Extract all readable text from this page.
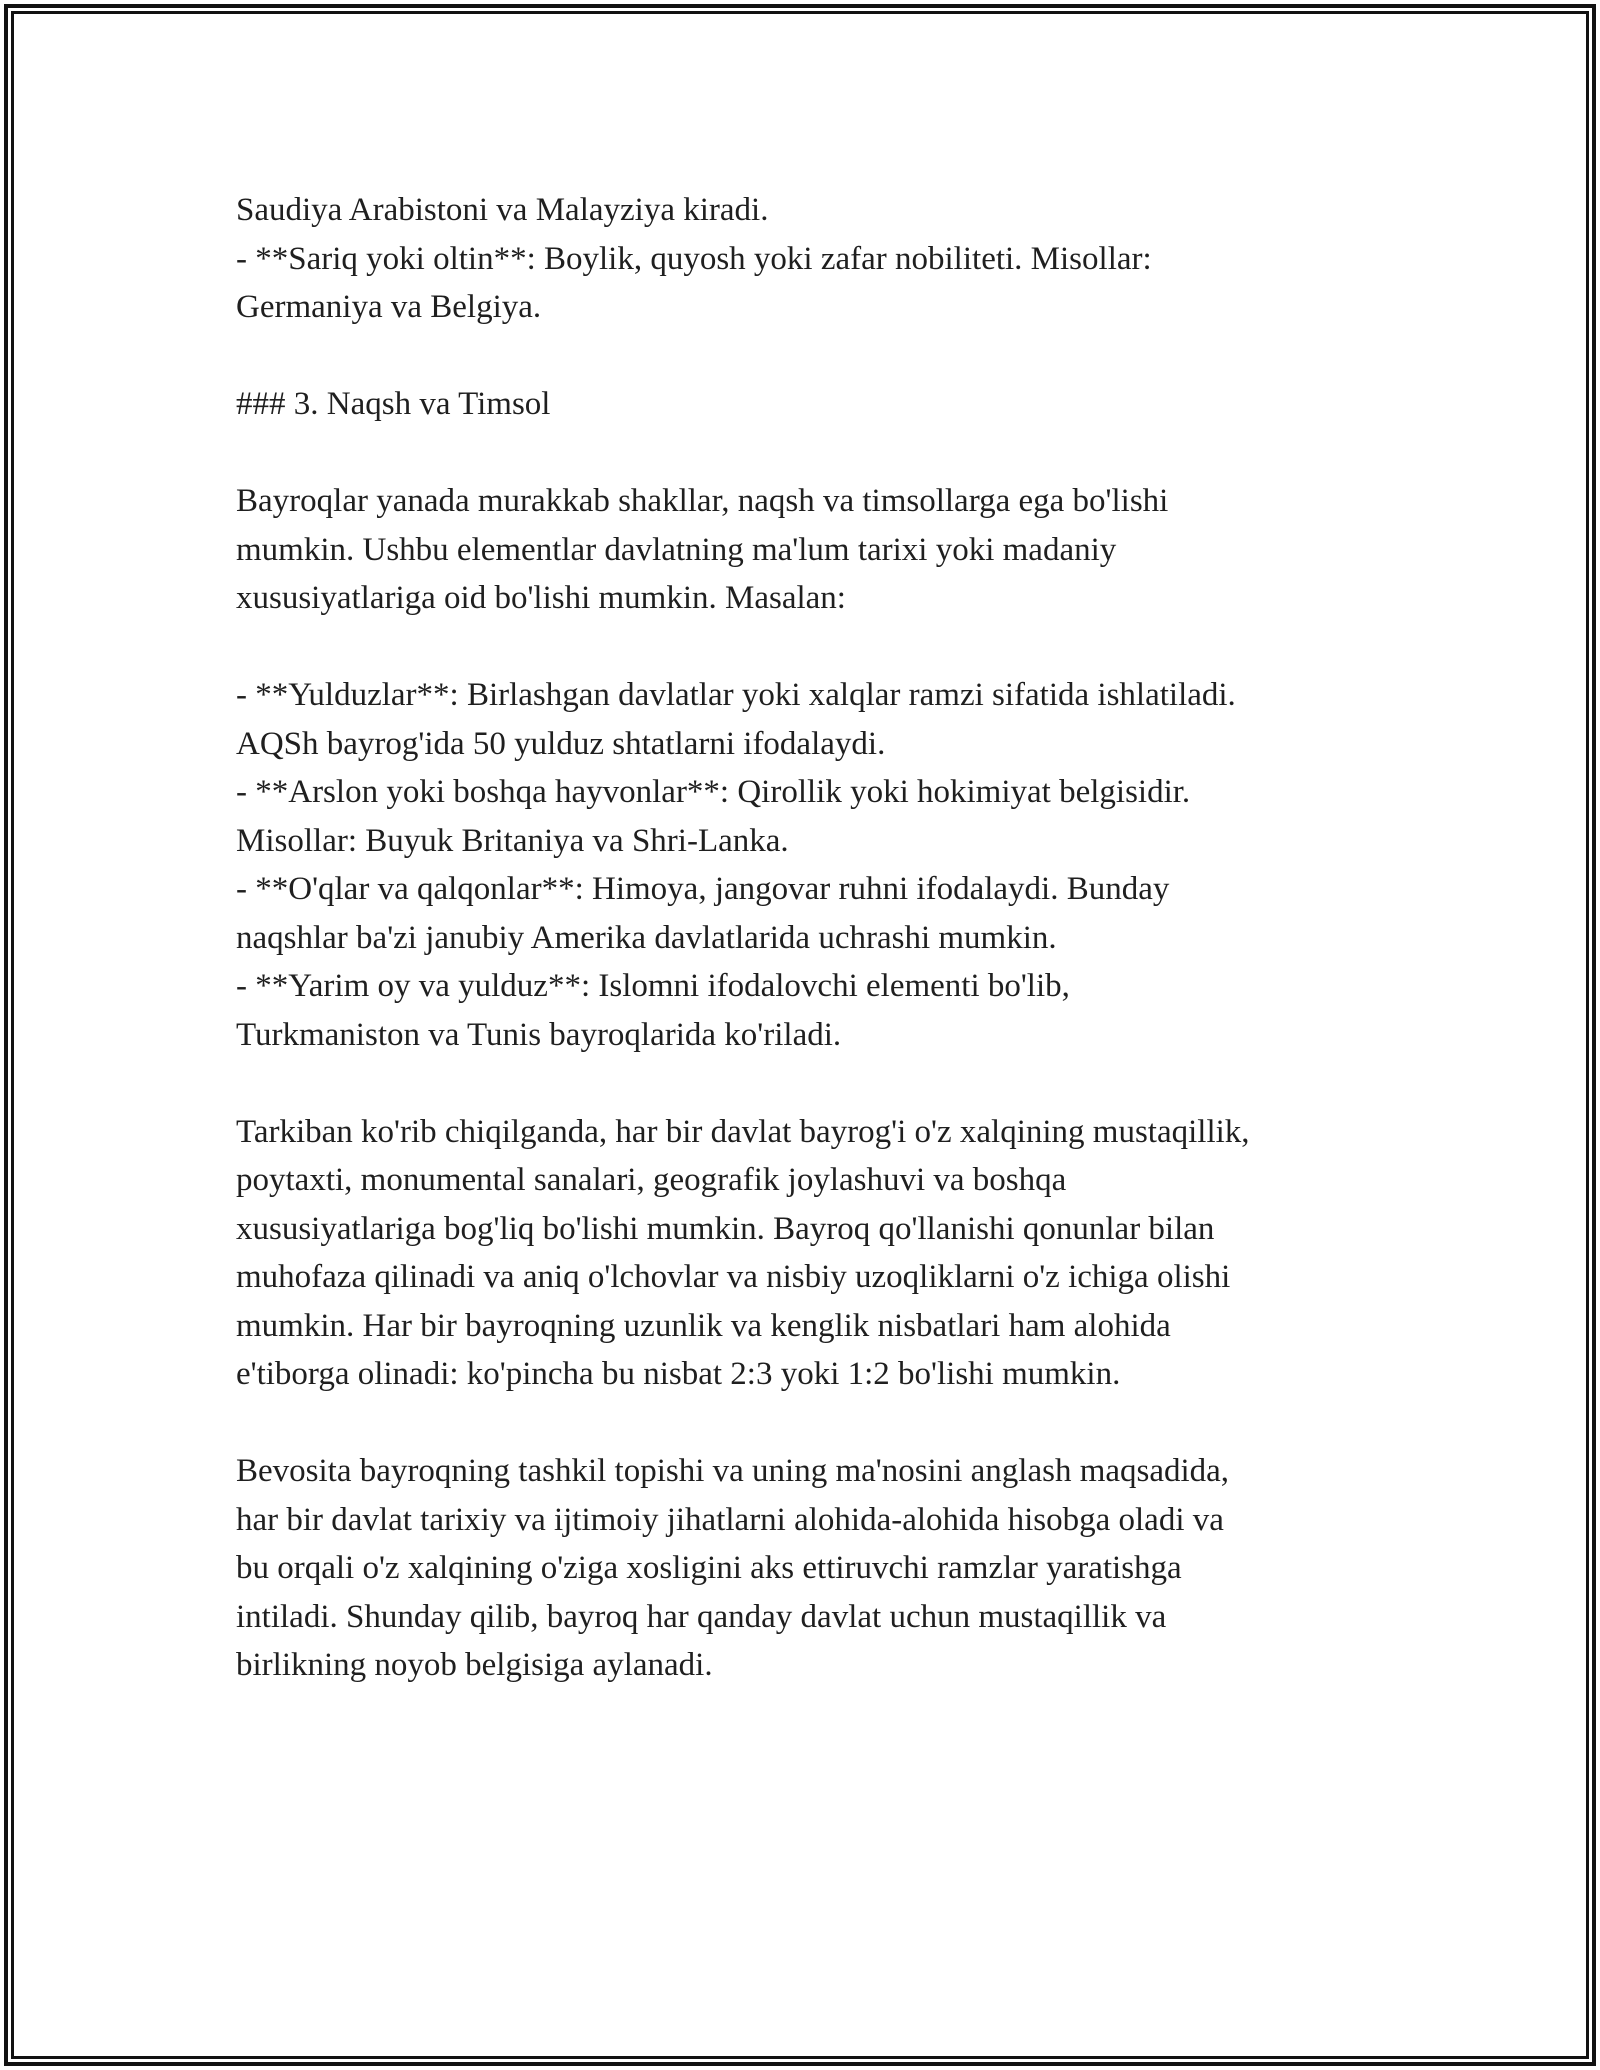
Saudiya Arabistoni va Malayziya kiradi.

- **Sariq yoki oltin**: Boylik, quyosh yoki zafar nobiliteti. Misollar:

Germaniya va Belgiya.

### 3. Naqsh va Timsol

Bayroqlar yanada murakkab shakllar, naqsh va timsollarga ega bo'lishi

mumkin. Ushbu elementlar davlatning ma'lum tarixi yoki madaniy

xususiyatlariga oid bo'lishi mumkin. Masalan:

- **Yulduzlar**: Birlashgan davlatlar yoki xalqlar ramzi sifatida ishlatiladi.

AQSh bayrog'ida 50 yulduz shtatlarni ifodalaydi.

- **Arslon yoki boshqa hayvonlar**: Qirollik yoki hokimiyat belgisidir.

Misollar: Buyuk Britaniya va Shri-Lanka.

- **O'qlar va qalqonlar**: Himoya, jangovar ruhni ifodalaydi. Bunday

naqshlar ba'zi janubiy Amerika davlatlarida uchrashi mumkin.

- **Yarim oy va yulduz**: Islomni ifodalovchi elementi bo'lib,

Turkmaniston va Tunis bayroqlarida ko'riladi.

Tarkiban ko'rib chiqilganda, har bir davlat bayrog'i o'z xalqining mustaqillik,

poytaxti, monumental sanalari, geografik joylashuvi va boshqa

xususiyatlariga bog'liq bo'lishi mumkin. Bayroq qo'llanishi qonunlar bilan

muhofaza qilinadi va aniq o'lchovlar va nisbiy uzoqliklarni o'z ichiga olishi

mumkin. Har bir bayroqning uzunlik va kenglik nisbatlari ham alohida

e'tiborga olinadi: ko'pincha bu nisbat 2:3 yoki 1:2 bo'lishi mumkin.

Bevosita bayroqning tashkil topishi va uning ma'nosini anglash maqsadida,

har bir davlat tarixiy va ijtimoiy jihatlarni alohida-alohida hisobga oladi va

bu orqali o'z xalqining o'ziga xosligini aks ettiruvchi ramzlar yaratishga

intiladi. Shunday qilib, bayroq har qanday davlat uchun mustaqillik va

birlikning noyob belgisiga aylanadi.
